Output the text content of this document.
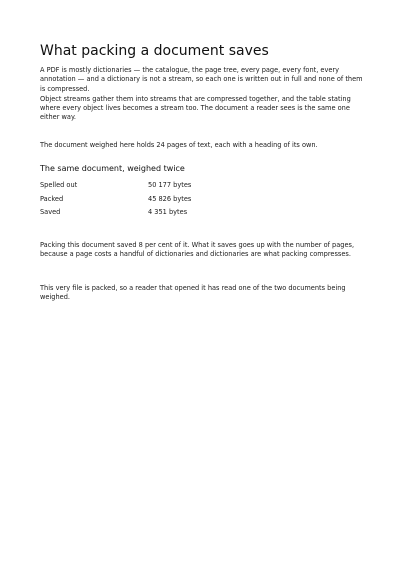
What packing a document saves

A PDF is mostly dictionaries — the catalogue, the page tree, every page, every font, every annotation — and a dictionary is not a stream, so each one is written out in full and none of them is compressed.

Object streams gather them into streams that are compressed together, and the table stating where every object lives becomes a stream too. The document a reader sees is the same one either way.

The document weighed here holds 24 pages of text, each with a heading of its own.

The same document, weighed twice
Spelled out	50 177 bytes
Packed	45 826 bytes
Saved	4 351 bytes

Packing this document saved 8 per cent of it. What it saves goes up with the number of pages, because a page costs a handful of dictionaries and dictionaries are what packing compresses.

This very file is packed, so a reader that opened it has read one of the two documents being weighed.
